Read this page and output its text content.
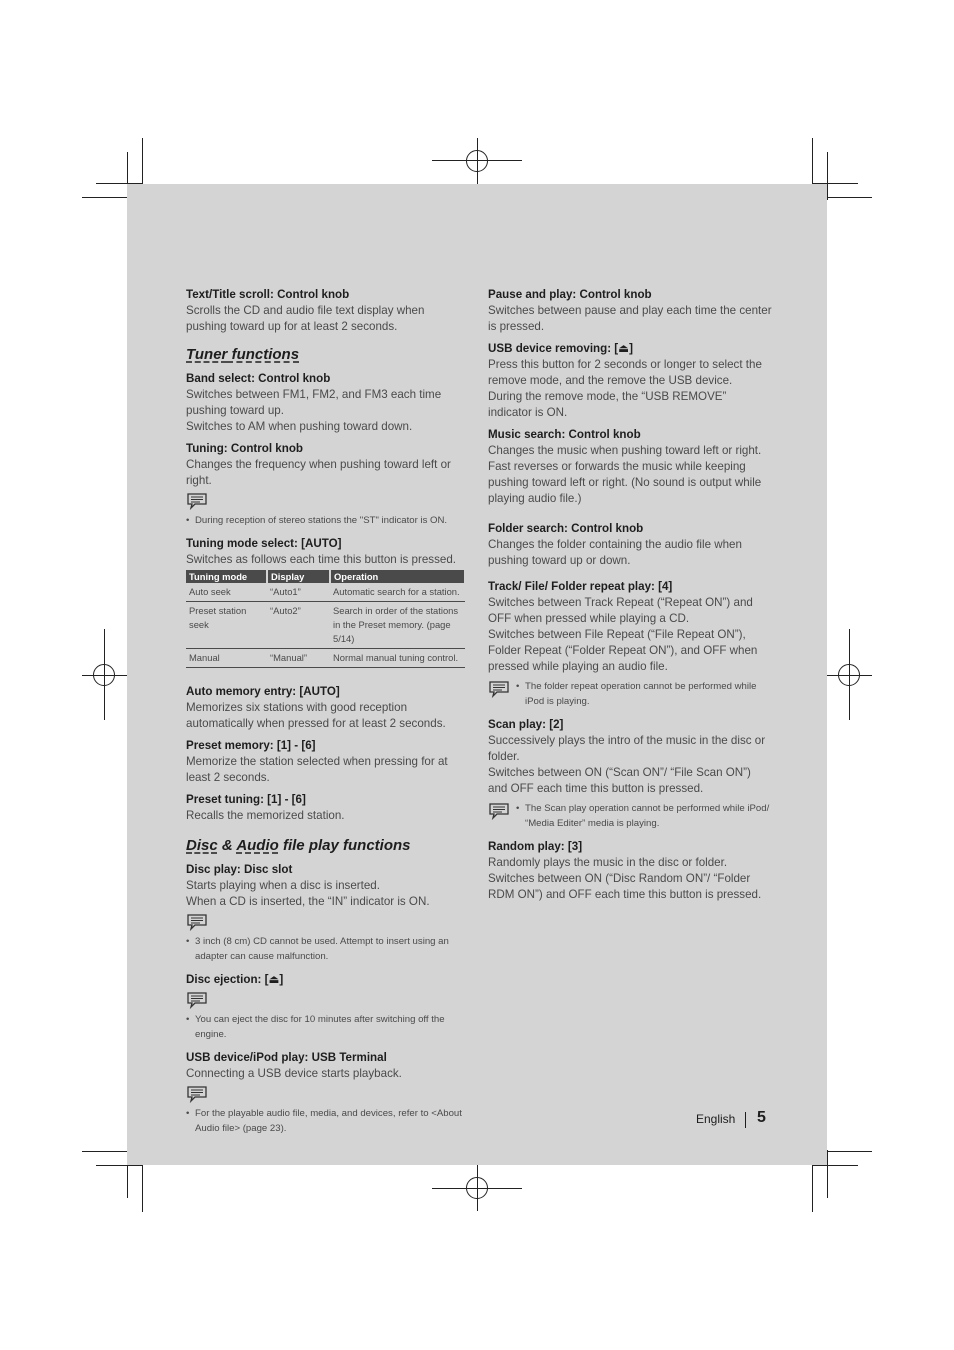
Text/Title scroll: Control knob
Scrolls the CD and audio file text display when pushing toward up for at least 2 seconds.
Tuner functions
Band select: Control knob
Switches between FM1, FM2, and FM3 each time pushing toward up.
Switches to AM when pushing toward down.
Tuning: Control knob
Changes the frequency when pushing toward left or right.
• During reception of stereo stations the "ST" indicator is ON.
Tuning mode select: [AUTO]
Switches as follows each time this button is pressed.
Tuning mode	Display	Operation
Auto seek	“Auto1”	Automatic search for a station.
Preset station seek	“Auto2”	Search in order of the stations in the Preset memory. (page 5/14)
Manual	“Manual”	Normal manual tuning control.
Auto memory entry: [AUTO]
Memorizes six stations with good reception automatically when pressed for at least 2 seconds.
Preset memory: [1] - [6]
Memorize the station selected when pressing for at least 2 seconds.
Preset tuning: [1] - [6]
Recalls the memorized station.
Disc & Audio file play functions
Disc play: Disc slot
Starts playing when a disc is inserted.
When a CD is inserted, the “IN” indicator is ON.
• 3 inch (8 cm) CD cannot be used. Attempt to insert using an adapter can cause malfunction.
Disc ejection: [⏏]
• You can eject the disc for 10 minutes after switching off the engine.
USB device/iPod play: USB Terminal
Connecting a USB device starts playback.
• For the playable audio file, media, and devices, refer to <About Audio file> (page 23).
Pause and play: Control knob
Switches between pause and play each time the center is pressed.
USB device removing: [⏏]
Press this button for 2 seconds or longer to select the remove mode, and the remove the USB device.
During the remove mode, the “USB REMOVE” indicator is ON.
Music search: Control knob
Changes the music when pushing toward left or right.
Fast reverses or forwards the music while keeping pushing toward left or right. (No sound is output while playing audio file.)
Folder search: Control knob
Changes the folder containing the audio file when pushing toward up or down.
Track/ File/ Folder repeat play: [4]
Switches between Track Repeat (“Repeat ON”) and OFF when pressed while playing a CD.
Switches between File Repeat (“File Repeat ON”), Folder Repeat (“Folder Repeat ON”), and OFF when pressed while playing an audio file.
• The folder repeat operation cannot be performed while iPod is playing.
Scan play: [2]
Successively plays the intro of the music in the disc or folder.
Switches between ON (“Scan ON”/ “File Scan ON”) and OFF each time this button is pressed.
• The Scan play operation cannot be performed while iPod/ “Media Editer” media is playing.
Random play: [3]
Randomly plays the music in the disc or folder.
Switches between ON (“Disc Random ON”/ “Folder RDM ON”) and OFF each time this button is pressed.
English 5
